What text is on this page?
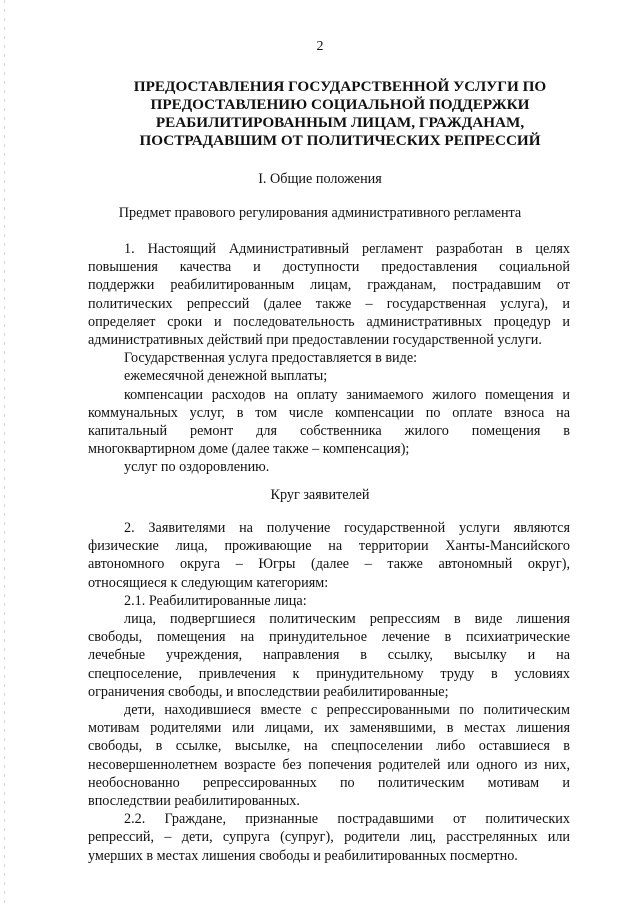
2
ПРЕДОСТАВЛЕНИЯ ГОСУДАРСТВЕННОЙ УСЛУГИ ПО
ПРЕДОСТАВЛЕНИЮ СОЦИАЛЬНОЙ ПОДДЕРЖКИ
РЕАБИЛИТИРОВАННЫМ ЛИЦАМ, ГРАЖДАНАМ,
ПОСТРАДАВШИМ ОТ ПОЛИТИЧЕСКИХ РЕПРЕССИЙ
I. Общие положения
Предмет правового регулирования административного регламента
1. Настоящий Административный регламент разработан в целях
повышения качества и доступности предоставления социальной
поддержки реабилитированным лицам, гражданам, пострадавшим от
политических репрессий (далее также – государственная услуга), и
определяет сроки и последовательность административных процедур и
административных действий при предоставлении государственной услуги.
Государственная услуга предоставляется в виде:
ежемесячной денежной выплаты;
компенсации расходов на оплату занимаемого жилого помещения и
коммунальных услуг, в том числе компенсации по оплате взноса на
капитальный ремонт для собственника жилого помещения в
многоквартирном доме (далее также – компенсация);
услуг по оздоровлению.
Круг заявителей
2. Заявителями на получение государственной услуги являются
физические лица, проживающие на территории Ханты-Мансийского
автономного округа – Югры (далее – также автономный округ),
относящиеся к следующим категориям:
2.1. Реабилитированные лица:
лица, подвергшиеся политическим репрессиям в виде лишения
свободы, помещения на принудительное лечение в психиатрические
лечебные учреждения, направления в ссылку, высылку и на
спецпоселение, привлечения к принудительному труду в условиях
ограничения свободы, и впоследствии реабилитированные;
дети, находившиеся вместе с репрессированными по политическим
мотивам родителями или лицами, их заменявшими, в местах лишения
свободы, в ссылке, высылке, на спецпоселении либо оставшиеся в
несовершеннолетнем возрасте без попечения родителей или одного из них,
необоснованно репрессированных по политическим мотивам и
впоследствии реабилитированных.
2.2. Граждане, признанные пострадавшими от политических
репрессий, – дети, супруга (супруг), родители лиц, расстрелянных или
умерших в местах лишения свободы и реабилитированных посмертно.
